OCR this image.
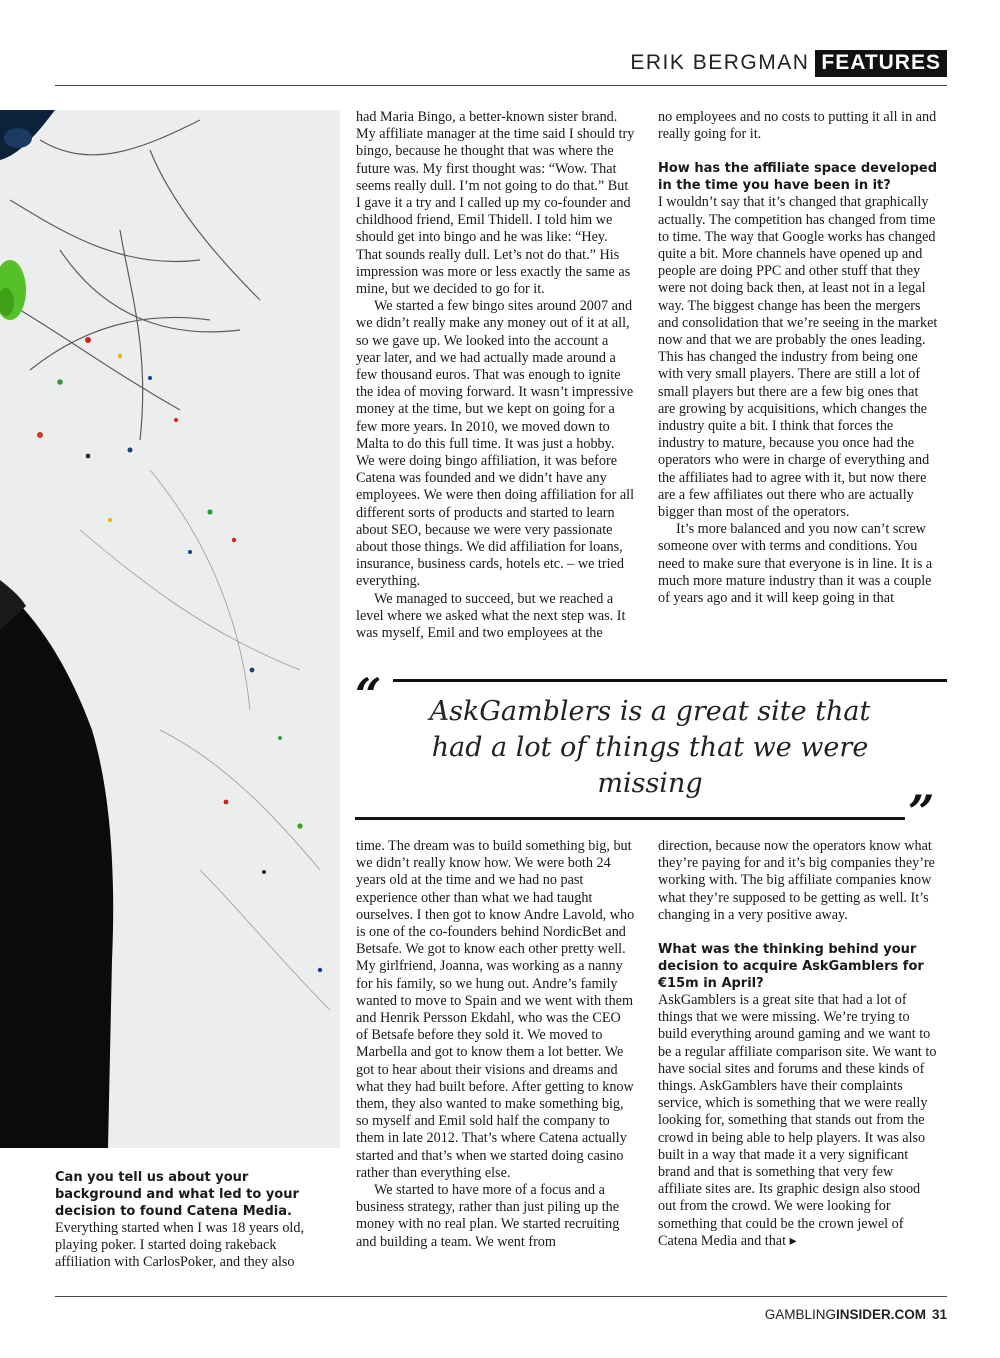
ERIK BERGMAN FEATURES
Can you tell us about your background and what led to your decision to found Catena Media.

Everything started when I was 18 years old, playing poker. I started doing rakeback affiliation with CarlosPoker, and they also

had Maria Bingo, a better-known sister brand. My affiliate manager at the time said I should try bingo, because he thought that was where the future was. My first thought was: “Wow. That seems really dull. I’m not going to do that.” But I gave it a try and I called up my co-founder and childhood friend, Emil Thidell. I told him we should get into bingo and he was like: “Hey. That sounds really dull. Let’s not do that.” His impression was more or less exactly the same as mine, but we decided to go for it.

We started a few bingo sites around 2007 and we didn’t really make any money out of it at all, so we gave up. We looked into the account a year later, and we had actually made around a few thousand euros. That was enough to ignite the idea of moving forward. It wasn’t impressive money at the time, but we kept on going for a few more years. In 2010, we moved down to Malta to do this full time. It was just a hobby. We were doing bingo affiliation, it was before Catena was founded and we didn’t have any employees. We were then doing affiliation for all different sorts of products and started to learn about SEO, because we were very passionate about those things. We did affiliation for loans, insurance, business cards, hotels etc. – we tried everything.

We managed to succeed, but we reached a level where we asked what the next step was. It was myself, Emil and two employees at the

no employees and no costs to putting it all in and really going for it.

How has the affiliate space developed in the time you have been in it?

I wouldn’t say that it’s changed that graphically actually. The competition has changed from time to time. The way that Google works has changed quite a bit. More channels have opened up and people are doing PPC and other stuff that they were not doing back then, at least not in a legal way. The biggest change has been the mergers and consolidation that we’re seeing in the market now and that we are probably the ones leading. This has changed the industry from being one with very small players. There are still a lot of small players but there are a few big ones that are growing by acquisitions, which changes the industry quite a bit. I think that forces the industry to mature, because you once had the operators who were in charge of everything and the affiliates had to agree with it, but now there are a few affiliates out there who are actually bigger than most of the operators.

It’s more balanced and you now can’t screw someone over with terms and conditions. You need to make sure that everyone is in line. It is a much more mature industry than it was a couple of years ago and it will keep going in that

“	AskGamblers is a great site that had a lot of things that we were missing
”

time. The dream was to build something big, but we didn’t really know how. We were both 24 years old at the time and we had no past experience other than what we had taught ourselves. I then got to know Andre Lavold, who is one of the co-founders behind NordicBet and Betsafe. We got to know each other pretty well. My girlfriend, Joanna, was working as a nanny for his family, so we hung out. Andre’s family wanted to move to Spain and we went with them and Henrik Persson Ekdahl, who was the CEO of Betsafe before they sold it. We moved to Marbella and got to know them a lot better. We got to hear about their visions and dreams and what they had built before. After getting to know them, they also wanted to make something big, so myself and Emil sold half the company to them in late 2012. That’s where Catena actually started and that’s when we started doing casino rather than everything else.

We started to have more of a focus and a business strategy, rather than just piling up the money with no real plan. We started recruiting and building a team. We went from

direction, because now the operators know what they’re paying for and it’s big companies they’re working with. The big affiliate companies know what they’re supposed to be getting as well. It’s changing in a very positive away.

What was the thinking behind your decision to acquire AskGamblers for €15m in April?

AskGamblers is a great site that had a lot of things that we were missing. We’re trying to build everything around gaming and we want to be a regular affiliate comparison site. We want to have social sites and forums and these kinds of things. AskGamblers have their complaints service, which is something that we were really looking for, something that stands out from the crowd in being able to help players. It was also built in a way that made it a very significant brand and that is something that very few affiliate sites are. Its graphic design also stood out from the crowd. We were looking for something that could be the crown jewel of Catena Media and that ▸

GAMBLINGINSIDER.COM 31
